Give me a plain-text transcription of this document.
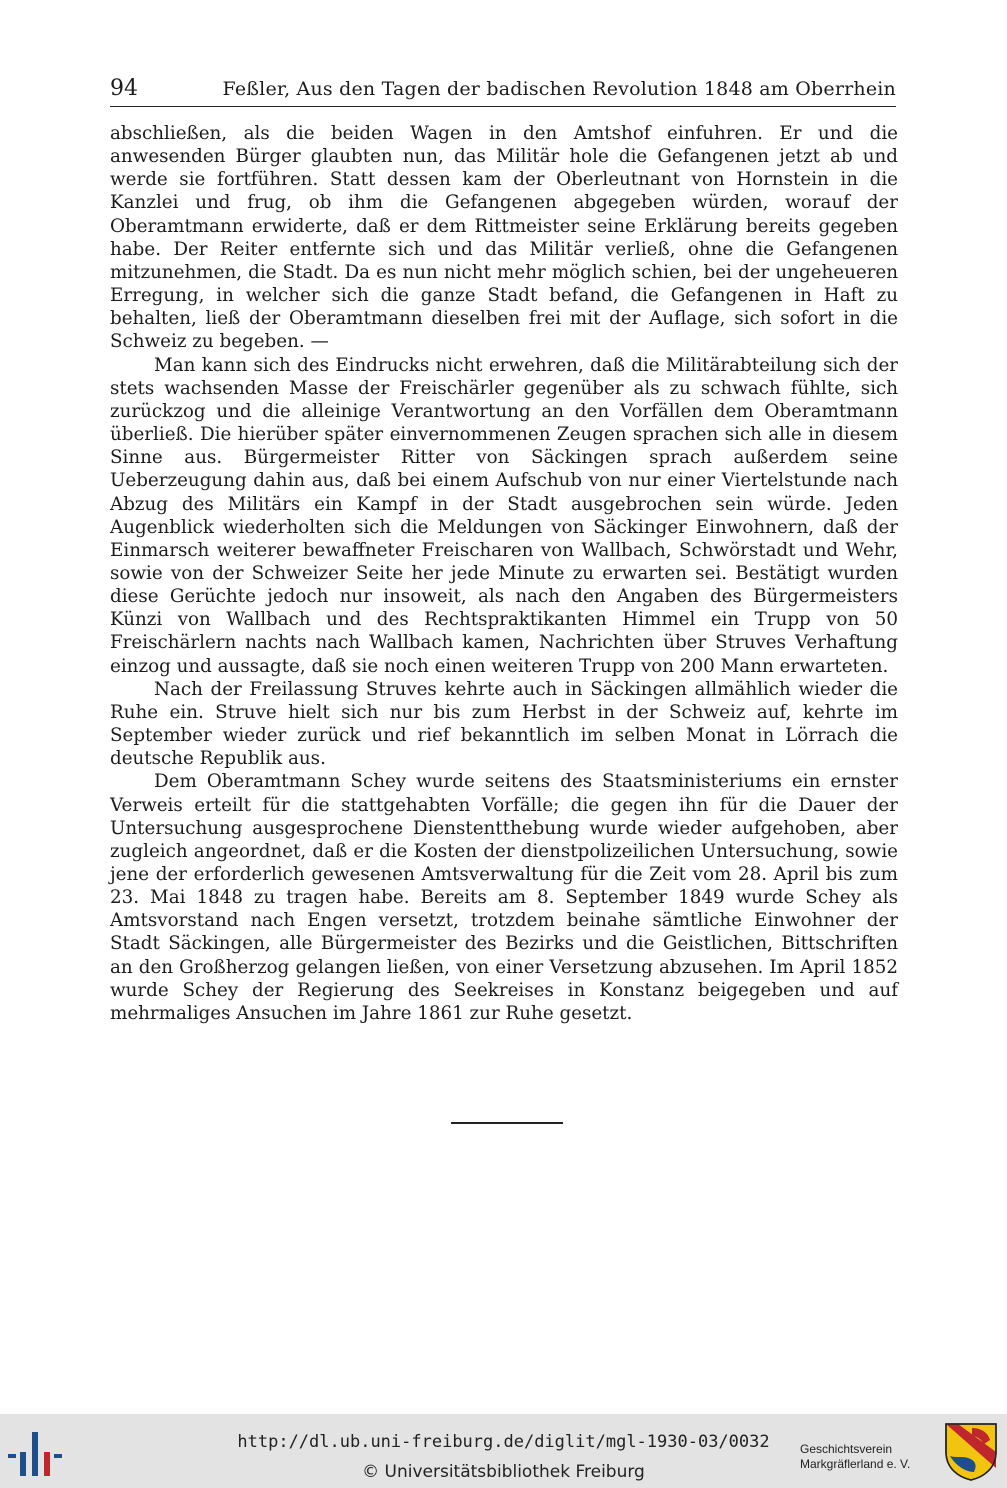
94	Feßler, Aus den Tagen der badischen Revolution 1848 am Oberrhein

abschließen, als die beiden Wagen in den Amtshof einfuhren. Er und die anwesenden Bürger glaubten nun, das Militär hole die Gefangenen jetzt ab und werde sie fortführen. Statt dessen kam der Oberleutnant von Hornstein in die Kanzlei und frug, ob ihm die Gefangenen abgegeben würden, worauf der Oberamtmann erwiderte, daß er dem Rittmeister seine Erklärung bereits gegeben habe. Der Reiter entfernte sich und das Militär verließ, ohne die Gefangenen mitzunehmen, die Stadt. Da es nun nicht mehr möglich schien, bei der ungeheueren Erregung, in welcher sich die ganze Stadt befand, die Gefangenen in Haft zu behalten, ließ der Oberamtmann dieselben frei mit der Auflage, sich sofort in die Schweiz zu begeben. —

Man kann sich des Eindrucks nicht erwehren, daß die Militärabteilung sich der stets wachsenden Masse der Freischärler gegenüber als zu schwach fühlte, sich zurückzog und die alleinige Verantwortung an den Vorfällen dem Oberamtmann überließ. Die hierüber später einvernommenen Zeugen sprachen sich alle in diesem Sinne aus. Bürgermeister Ritter von Säckingen sprach außerdem seine Ueberzeugung dahin aus, daß bei einem Aufschub von nur einer Viertelstunde nach Abzug des Militärs ein Kampf in der Stadt ausgebrochen sein würde. Jeden Augenblick wiederholten sich die Meldungen von Säckinger Einwohnern, daß der Einmarsch weiterer bewaffneter Freischaren von Wallbach, Schwörstadt und Wehr, sowie von der Schweizer Seite her jede Minute zu erwarten sei. Bestätigt wurden diese Gerüchte jedoch nur insoweit, als nach den Angaben des Bürgermeisters Künzi von Wallbach und des Rechtspraktikanten Himmel ein Trupp von 50 Freischärlern nachts nach Wallbach kamen, Nachrichten über Struves Verhaftung einzog und aussagte, daß sie noch einen weiteren Trupp von 200 Mann erwarteten.

Nach der Freilassung Struves kehrte auch in Säckingen allmählich wieder die Ruhe ein. Struve hielt sich nur bis zum Herbst in der Schweiz auf, kehrte im September wieder zurück und rief bekanntlich im selben Monat in Lörrach die deutsche Republik aus.

Dem Oberamtmann Schey wurde seitens des Staatsministeriums ein ernster Verweis erteilt für die stattgehabten Vorfälle; die gegen ihn für die Dauer der Untersuchung ausgesprochene Dienstentthebung wurde wieder aufgehoben, aber zugleich angeordnet, daß er die Kosten der dienstpolizeilichen Untersuchung, sowie jene der erforderlich gewesenen Amtsverwaltung für die Zeit vom 28. April bis zum 23. Mai 1848 zu tragen habe. Bereits am 8. September 1849 wurde Schey als Amtsvorstand nach Engen versetzt, trotzdem beinahe sämtliche Einwohner der Stadt Säckingen, alle Bürgermeister des Bezirks und die Geistlichen, Bittschriften an den Großherzog gelangen ließen, von einer Versetzung abzusehen. Im April 1852 wurde Schey der Regierung des Seekreises in Konstanz beigegeben und auf mehrmaliges Ansuchen im Jahre 1861 zur Ruhe gesetzt.

http://dl.ub.uni-freiburg.de/diglit/mgl-1930-03/0032
© Universitätsbibliothek Freiburg
Geschichtsverein
Markgräflerland e. V.
